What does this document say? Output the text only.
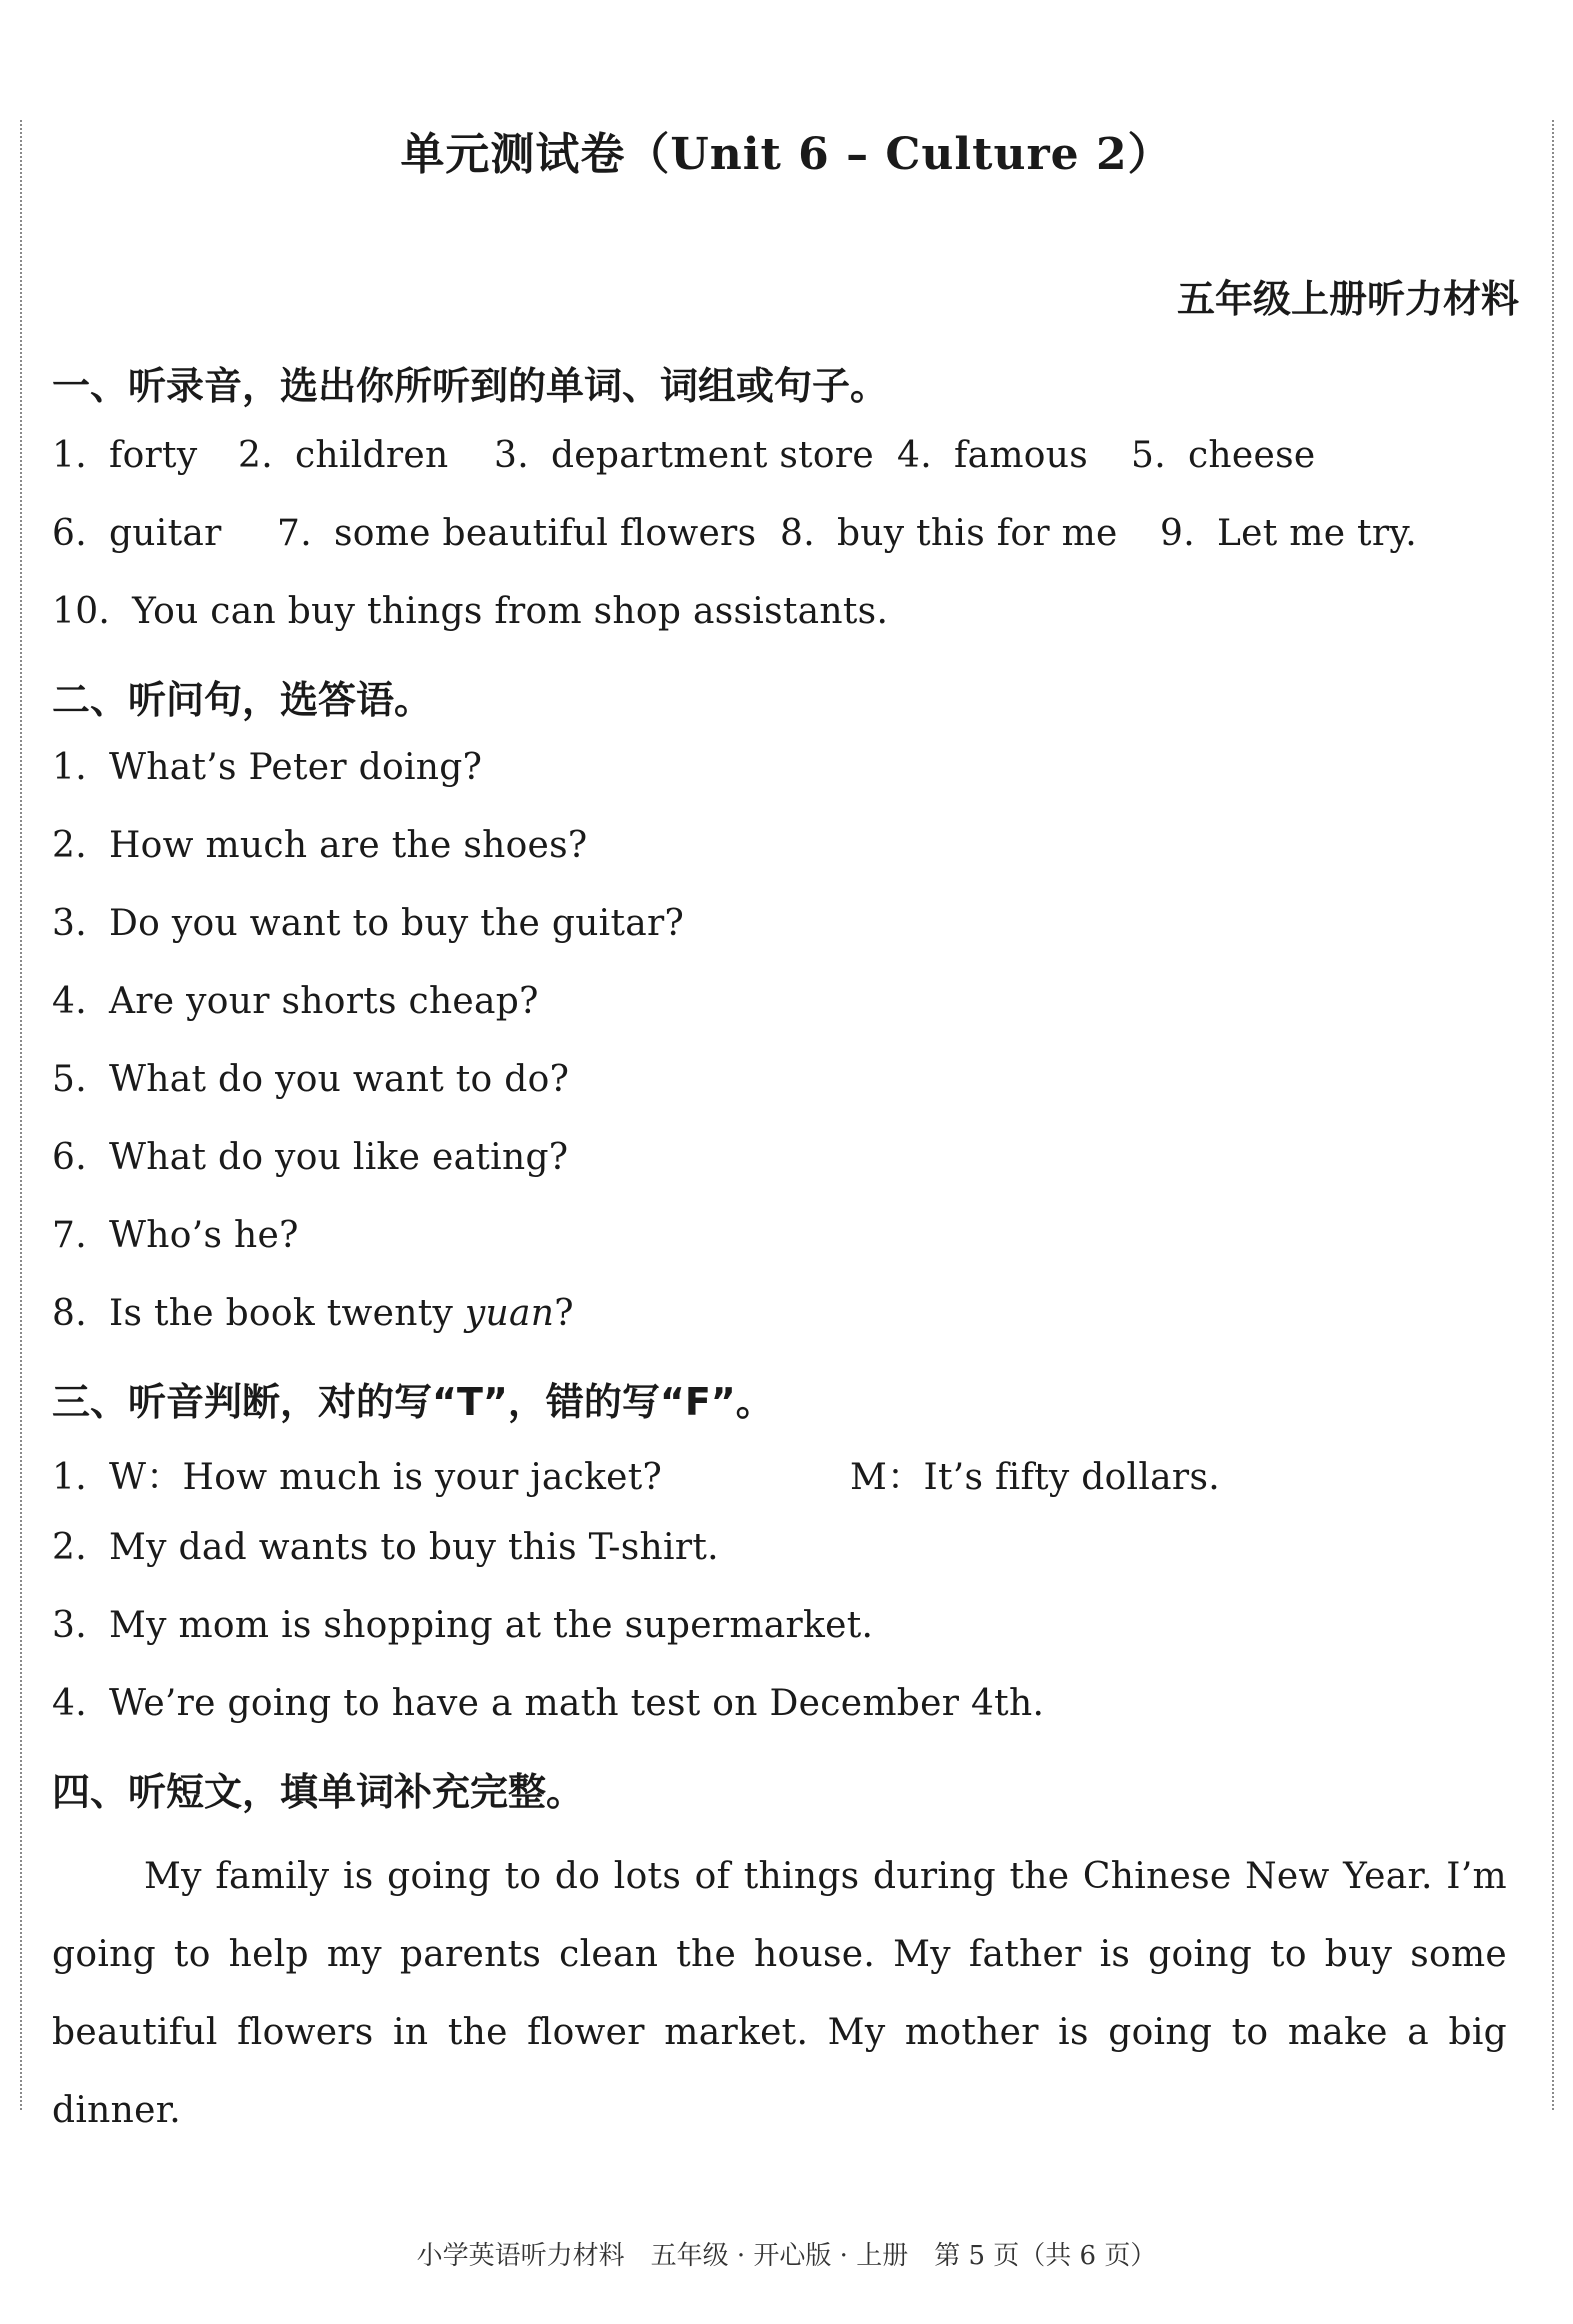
单元测试卷（Unit 6 – Culture 2）
五年级上册听力材料
一、听录音，选出你所听到的单词、词组或句子。
1. forty 2. children 3. department store 4. famous 5. cheese
6. guitar 7. some beautiful flowers 8. buy this for me 9. Let me try.
10. You can buy things from shop assistants.
二、听问句，选答语。
1. What’s Peter doing?
2. How much are the shoes?
3. Do you want to buy the guitar?
4. Are your shorts cheap?
5. What do you want to do?
6. What do you like eating?
7. Who’s he?
8. Is the book twenty yuan?
三、听音判断，对的写“T”，错的写“F”。
1. W：How much is your jacket?	M：It’s fifty dollars.
2. My dad wants to buy this T-shirt.
3. My mom is shopping at the supermarket.
4. We’re going to have a math test on December 4th.
四、听短文，填单词补充完整。
My family is going to do lots of things during the Chinese New Year. I’m going to help my parents clean the house. My father is going to buy some beautiful flowers in the flower market. My mother is going to make a big dinner.
小学英语听力材料　五年级 · 开心版 · 上册　第 5 页（共 6 页）
